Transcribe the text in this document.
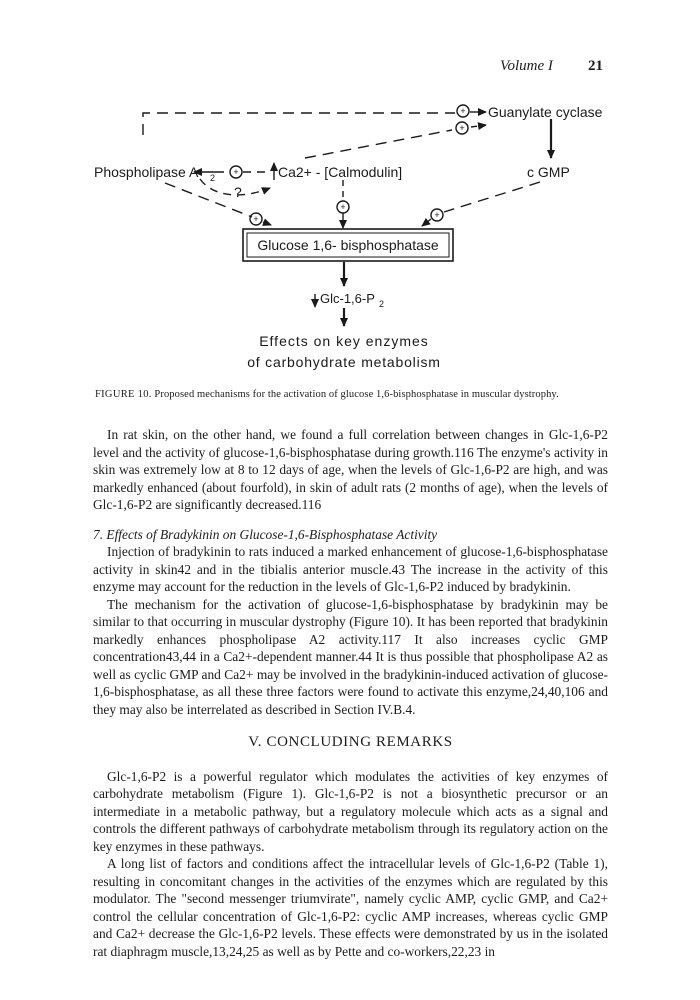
Volume I 21
+
+
+
+
+
+
Guanylate cyclase
Phospholipase A 2	Ca2+ - [Calmodulin]	c GMP
?
Glucose 1,6- bisphosphatase
Glc-1,6-P 2
Effects on key enzymes
of carbohydrate metabolism
FIGURE 10. Proposed mechanisms for the activation of glucose 1,6-bisphosphatase in muscular dystrophy.

In rat skin, on the other hand, we found a full correlation between changes in Glc-1,6-P2 level and the activity of glucose-1,6-bisphosphatase during growth.116 The enzyme's activity in skin was extremely low at 8 to 12 days of age, when the levels of Glc-1,6-P2 are high, and was markedly enhanced (about fourfold), in skin of adult rats (2 months of age), when the levels of Glc-1,6-P2 are significantly decreased.116

7. Effects of Bradykinin on Glucose-1,6-Bisphosphatase Activity

Injection of bradykinin to rats induced a marked enhancement of glucose-1,6-bisphosphatase activity in skin42 and in the tibialis anterior muscle.43 The increase in the activity of this enzyme may account for the reduction in the levels of Glc-1,6-P2 induced by bradykinin.

The mechanism for the activation of glucose-1,6-bisphosphatase by bradykinin may be similar to that occurring in muscular dystrophy (Figure 10). It has been reported that bradykinin markedly enhances phospholipase A2 activity.117 It also increases cyclic GMP concentration43,44 in a Ca2+-dependent manner.44 It is thus possible that phospholipase A2 as well as cyclic GMP and Ca2+ may be involved in the bradykinin-induced activation of glucose-1,6-bisphosphatase, as all these three factors were found to activate this enzyme,24,40,106 and they may also be interrelated as described in Section IV.B.4.

V. CONCLUDING REMARKS

Glc-1,6-P2 is a powerful regulator which modulates the activities of key enzymes of carbohydrate metabolism (Figure 1). Glc-1,6-P2 is not a biosynthetic precursor or an intermediate in a metabolic pathway, but a regulatory molecule which acts as a signal and controls the different pathways of carbohydrate metabolism through its regulatory action on the key enzymes in these pathways.

A long list of factors and conditions affect the intracellular levels of Glc-1,6-P2 (Table 1), resulting in concomitant changes in the activities of the enzymes which are regulated by this modulator. The "second messenger triumvirate", namely cyclic AMP, cyclic GMP, and Ca2+ control the cellular concentration of Glc-1,6-P2: cyclic AMP increases, whereas cyclic GMP and Ca2+ decrease the Glc-1,6-P2 levels. These effects were demonstrated by us in the isolated rat diaphragm muscle,13,24,25 as well as by Pette and co-workers,22,23 in
